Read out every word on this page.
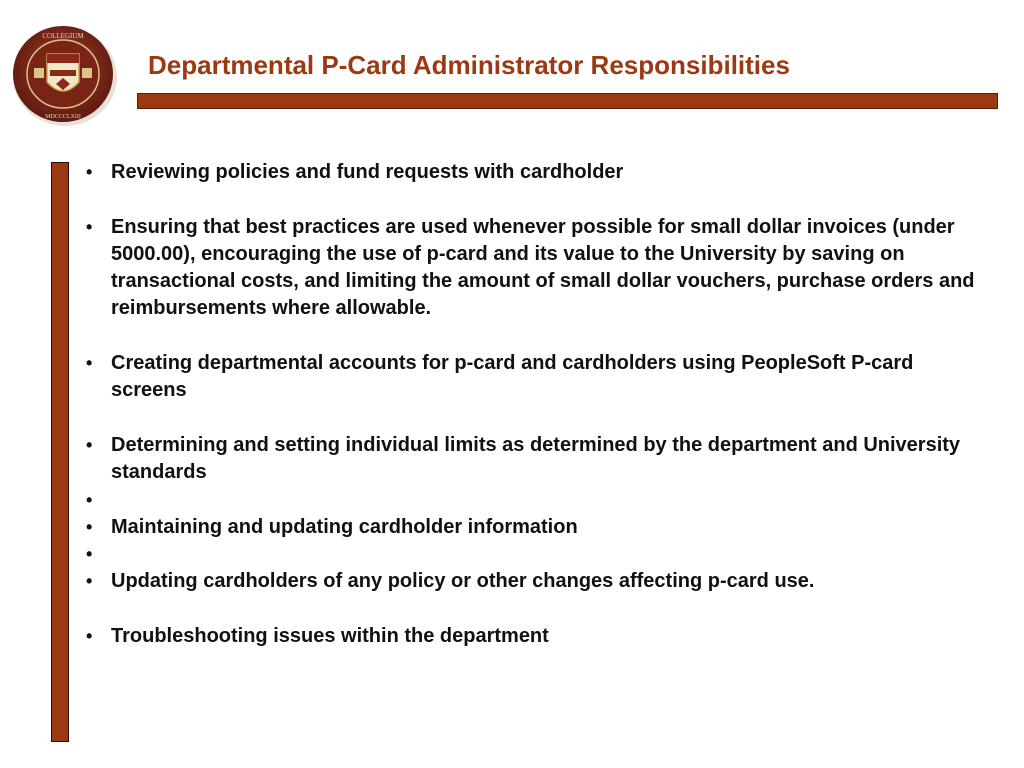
COLLEGIUM
MDCCCLXIII
Departmental P-Card Administrator Responsibilities
• Reviewing policies and fund requests with cardholder
• Ensuring that best practices are used whenever possible for small dollar invoices (under 5000.00), encouraging the use of p-card and its value to the University by saving on transactional costs, and limiting the amount of small dollar vouchers, purchase orders and reimbursements where allowable.
• Creating departmental accounts for p-card and cardholders using PeopleSoft P-card screens
• Determining and setting individual limits as determined by the department and University standards
•
• Maintaining and updating cardholder information
•
• Updating cardholders of any policy or other changes affecting p-card use.
• Troubleshooting issues within the department
